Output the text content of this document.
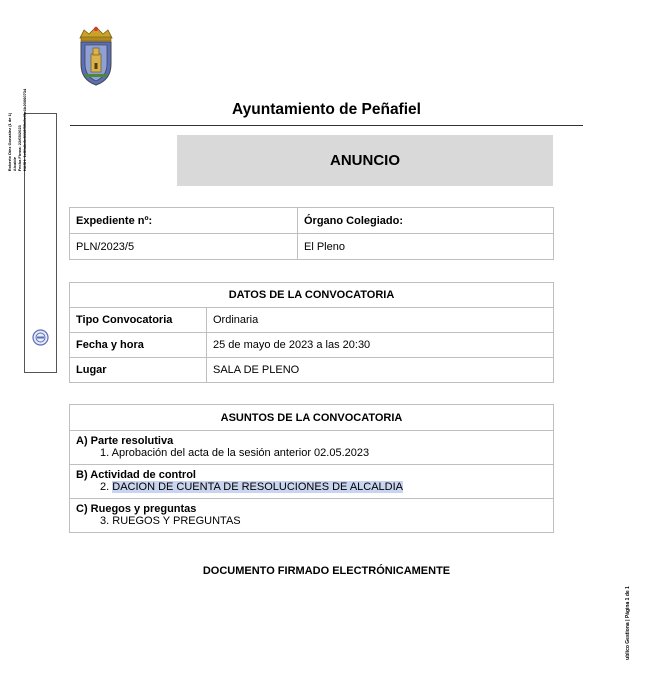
Roberto Díez González (1 de 1) Alcalde Fecha Firma: 22/05/2023 HASH: 1e8fa6c6c8116f39d0ef8e1b20060734	Ayuntamiento de Peñafiel
ANUNCIO
Expediente nº:	Órgano Colegiado:
PLN/2023/5	El Pleno
DATOS DE LA CONVOCATORIA	
Tipo Convocatoria	Ordinaria
Fecha y hora	25 de mayo de 2023 a las 20:30
Lugar	SALA DE PLENO
ASUNTOS DE LA CONVOCATORIA
A) Parte resolutiva
1. Aprobación del acta de la sesión anterior 02.05.2023
B) Actividad de control
2. DACION DE CUENTA DE RESOLUCIONES DE ALCALDIA
C) Ruegos y preguntas
3. RUEGOS Y PREGUNTAS
DOCUMENTO FIRMADO ELECTRÓNICAMENTE
ublico Gestiona | Página 1 de 1
